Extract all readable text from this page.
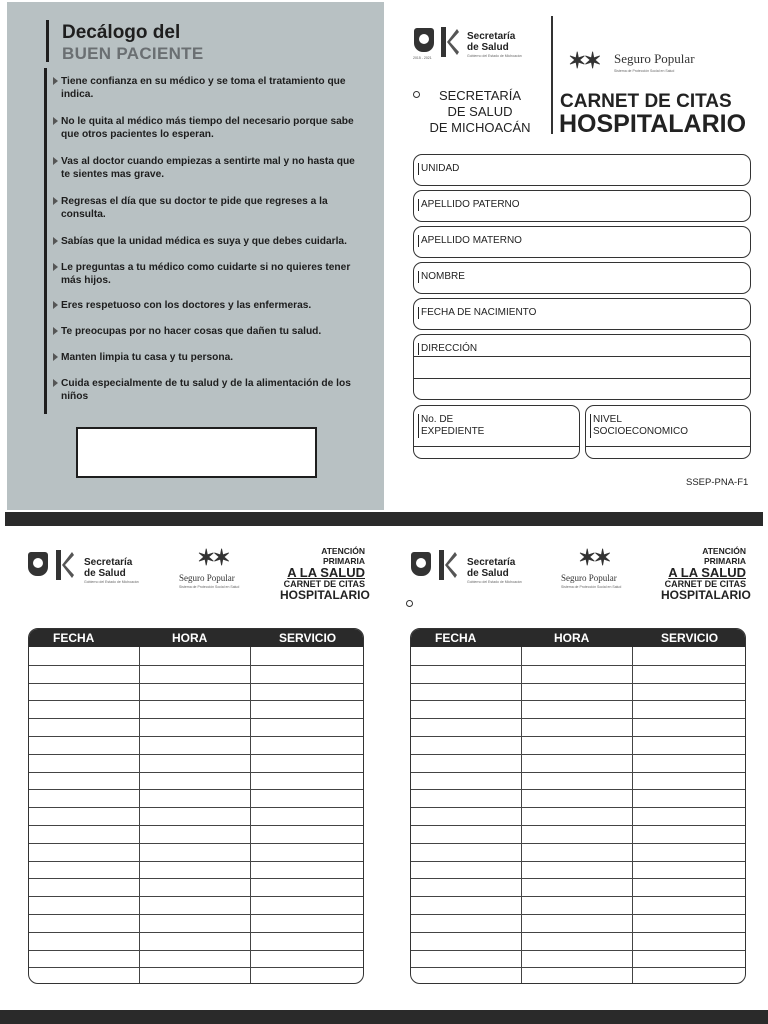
Decálogo del
BUEN PACIENTE
Tiene confianza en su médico y se toma el tratamiento que indica.
No le quita al médico más tiempo del necesario porque sabe que otros pacientes lo esperan.
Vas al doctor cuando empiezas a sentirte mal y no hasta que te sientes mas grave.
Regresas el día que su doctor te pide que regreses a la consulta.
Sabías que la unidad médica es suya y que debes cuidarla.
Le preguntas a tu médico como cuidarte si no quieres tener más hijos.
Eres respetuoso con los doctores y las enfermeras.
Te preocupas por no hacer cosas que dañen tu salud.
Manten limpia tu casa y tu persona.
Cuida especialmente de tu salud y de la alimentación de los niños
2015 - 2021
Secretaría
de Salud
Gobierno del Estado de Michoacán ✶✶ Seguro Popular
Sistema de Protección Social en Salud
SECRETARÍA
DE SALUD
DE MICHOACÁN
CARNET DE CITAS
HOSPITALARIO
UNIDAD
APELLIDO PATERNO
APELLIDO MATERNO
NOMBRE
FECHA DE NACIMIENTO
DIRECCIÓN
No. DE
EXPEDIENTE
NIVEL
SOCIOECONOMICO
SSEP-PNA-F1
Secretaría
de Salud
Gobierno del Estado de Michoacán
✶✶
Seguro Popular
Sistema de Protección Social en Salud
ATENCIÓN PRIMARIA
A LA SALUD
CARNET DE CITAS
HOSPITALARIO
FECHA	HORA	SERVICIO
Secretaría
de Salud
Gobierno del Estado de Michoacán
✶✶
Seguro Popular
Sistema de Protección Social en Salud
ATENCIÓN PRIMARIA
A LA SALUD
CARNET DE CITAS
HOSPITALARIO
FECHA	HORA	SERVICIO
